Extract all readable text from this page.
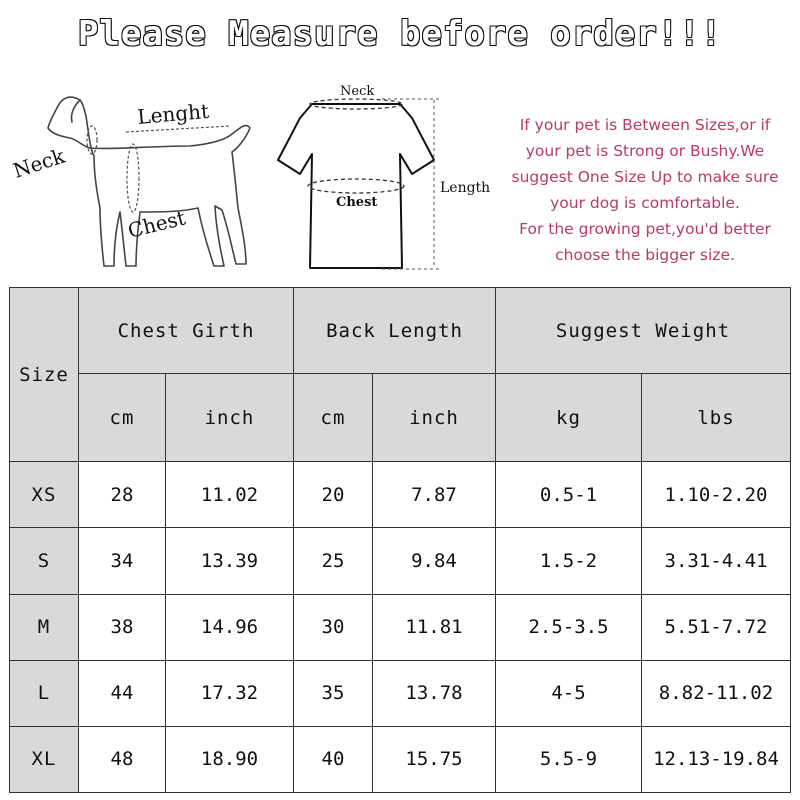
Please Measure before order!!!
Neck
Lenght
Chest
Neck
Chest
Length
If your pet is Between Sizes,or if
your pet is Strong or Bushy.We
suggest One Size Up to make sure
your dog is comfortable.
For the growing pet,you'd better
choose the bigger size.
Size	Chest Girth		Back Length		Suggest Weight	
	cm	inch	cm	inch	kg	lbs
XS	28	11.02	20	7.87	0.5-1	1.10-2.20
S	34	13.39	25	9.84	1.5-2	3.31-4.41
M	38	14.96	30	11.81	2.5-3.5	5.51-7.72
L	44	17.32	35	13.78	4-5	8.82-11.02
XL	48	18.90	40	15.75	5.5-9	12.13-19.84
